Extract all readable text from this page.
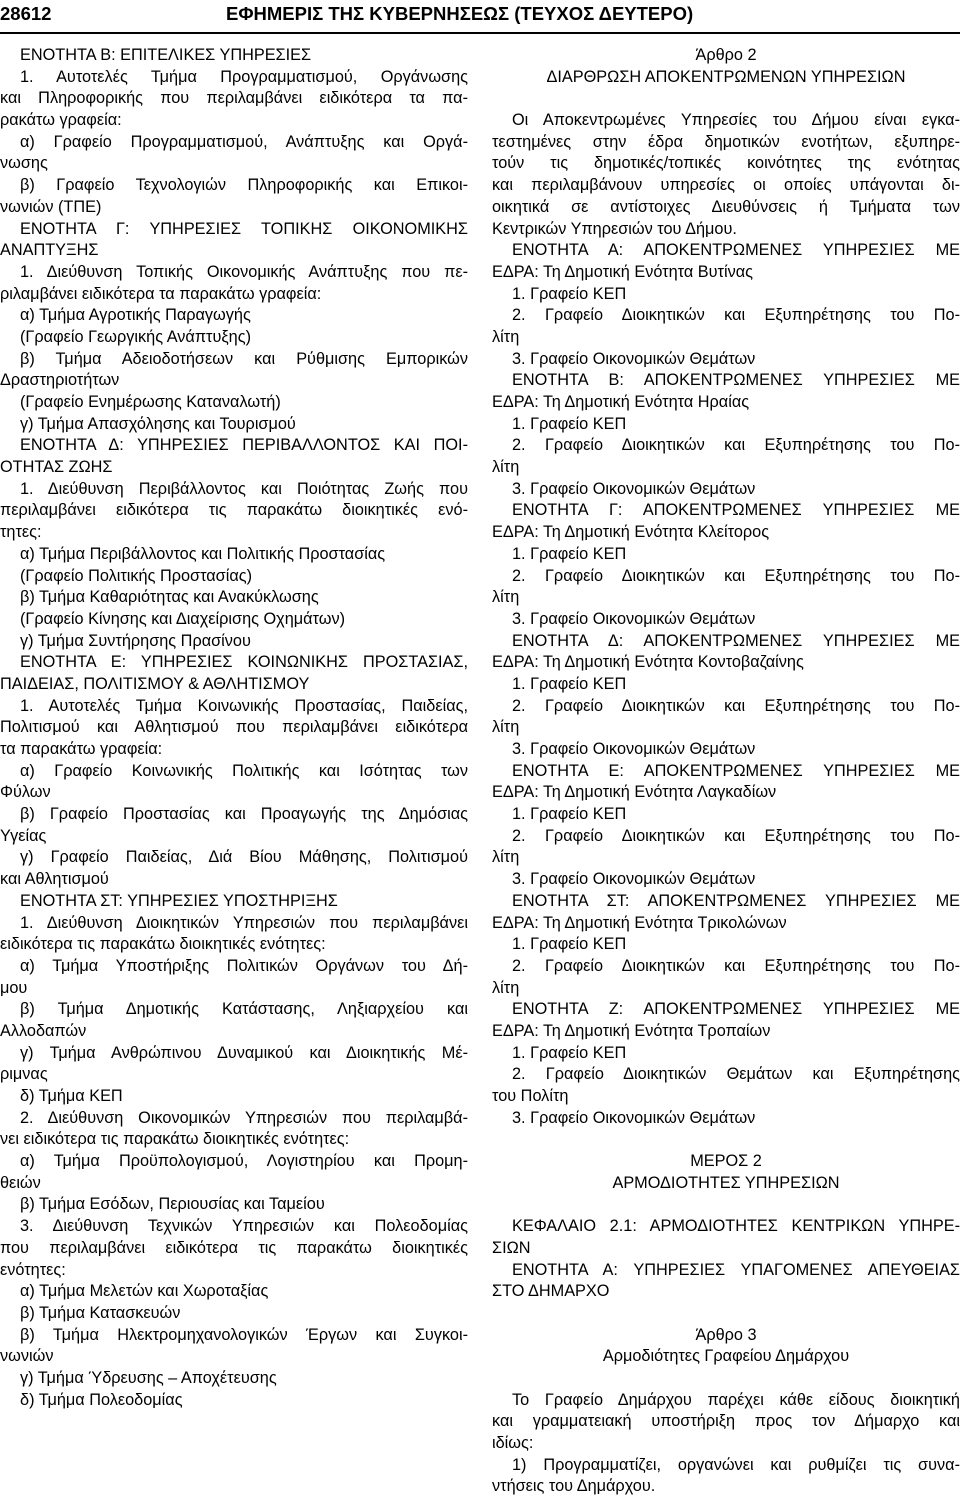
28612	ΕΦΗΜΕΡΙΣ ΤΗΣ ΚΥΒΕΡΝΗΣΕΩΣ (ΤΕΥΧΟΣ ΔΕΥΤΕΡΟ)
ΕΝΟΤΗΤΑ Β: ΕΠΙΤΕΛΙΚΕΣ ΥΠΗΡΕΣΙΕΣ
1. Αυτοτελές Τμήμα Προγραμματισμού, Οργάνωσης
και Πληροφορικής που περιλαμβάνει ειδικότερα τα πα-
ρακάτω γραφεία:
α) Γραφείο Προγραμματισμού, Ανάπτυξης και Οργά-
νωσης
β) Γραφείο Τεχνολογιών Πληροφορικής και Επικοι-
νωνιών (ΤΠΕ)
ΕΝΟΤΗΤΑ Γ: ΥΠΗΡΕΣΙΕΣ ΤΟΠΙΚΗΣ ΟΙΚΟΝΟΜΙΚΗΣ
ΑΝΑΠΤΥΞΗΣ
1. Διεύθυνση Τοπικής Οικονομικής Ανάπτυξης που πε-
ριλαμβάνει ειδικότερα τα παρακάτω γραφεία:
α) Τμήμα Αγροτικής Παραγωγής
(Γραφείο Γεωργικής Ανάπτυξης)
β) Τμήμα Αδειοδοτήσεων και Ρύθμισης Εμπορικών
Δραστηριοτήτων
(Γραφείο Ενημέρωσης Καταναλωτή)
γ) Τμήμα Απασχόλησης και Τουρισμού
ΕΝΟΤΗΤΑ Δ: ΥΠΗΡΕΣΙΕΣ ΠΕΡΙΒΑΛΛΟΝΤΟΣ ΚΑΙ ΠΟΙ-
ΟΤΗΤΑΣ ΖΩΗΣ
1. Διεύθυνση Περιβάλλοντος και Ποιότητας Ζωής που
περιλαμβάνει ειδικότερα τις παρακάτω διοικητικές ενό-
τητες:
α) Τμήμα Περιβάλλοντος και Πολιτικής Προστασίας
(Γραφείο Πολιτικής Προστασίας)
β) Τμήμα Καθαριότητας και Ανακύκλωσης
(Γραφείο Κίνησης και Διαχείρισης Οχημάτων)
γ) Τμήμα Συντήρησης Πρασίνου
ΕΝΟΤΗΤΑ Ε: ΥΠΗΡΕΣΙΕΣ ΚΟΙΝΩΝΙΚΗΣ ΠΡΟΣΤΑΣΙΑΣ,
ΠΑΙΔΕΙΑΣ, ΠΟΛΙΤΙΣΜΟΥ & ΑΘΛΗΤΙΣΜΟΥ
1. Αυτοτελές Τμήμα Κοινωνικής Προστασίας, Παιδείας,
Πολιτισμού και Αθλητισμού που περιλαμβάνει ειδικότερα
τα παρακάτω γραφεία:
α) Γραφείο Κοινωνικής Πολιτικής και Ισότητας των
Φύλων
β) Γραφείο Προστασίας και Προαγωγής της Δημόσιας
Υγείας
γ) Γραφείο Παιδείας, Διά Βίου Μάθησης, Πολιτισμού
και Αθλητισμού
ΕΝΟΤΗΤΑ ΣΤ: ΥΠΗΡΕΣΙΕΣ ΥΠΟΣΤΗΡΙΞΗΣ
1. Διεύθυνση Διοικητικών Υπηρεσιών που περιλαμβάνει
ειδικότερα τις παρακάτω διοικητικές ενότητες:
α) Τμήμα Υποστήριξης Πολιτικών Οργάνων του Δή-
μου
β) Τμήμα Δημοτικής Κατάστασης, Ληξιαρχείου και
Αλλοδαπών
γ) Τμήμα Ανθρώπινου Δυναμικού και Διοικητικής Μέ-
ριμνας
δ) Τμήμα ΚΕΠ
2. Διεύθυνση Οικονομικών Υπηρεσιών που περιλαμβά-
νει ειδικότερα τις παρακάτω διοικητικές ενότητες:
α) Τμήμα Προϋπολογισμού, Λογιστηρίου και Προμη-
θειών
β) Τμήμα Εσόδων, Περιουσίας και Ταμείου
3. Διεύθυνση Τεχνικών Υπηρεσιών και Πολεοδομίας
που περιλαμβάνει ειδικότερα τις παρακάτω διοικητικές
ενότητες:
α) Τμήμα Μελετών και Χωροταξίας
β) Τμήμα Κατασκευών
β) Τμήμα Ηλεκτρομηχανολογικών Έργων και Συγκοι-
νωνιών
γ) Τμήμα Ύδρευσης – Αποχέτευσης
δ) Τμήμα Πολεοδομίας
Άρθρο 2
ΔΙΑΡΘΡΩΣΗ ΑΠΟΚΕΝΤΡΩΜΕΝΩΝ ΥΠΗΡΕΣΙΩΝ
Οι Αποκεντρωμένες Υπηρεσίες του Δήμου είναι εγκα-
τεστημένες στην έδρα δημοτικών ενοτήτων, εξυπηρε-
τούν τις δημοτικές/τοπικές κοινότητες της ενότητας
και περιλαμβάνουν υπηρεσίες οι οποίες υπάγονται δι-
οικητικά σε αντίστοιχες Διευθύνσεις ή Τμήματα των
Κεντρικών Υπηρεσιών του Δήμου.
ΕΝΟΤΗΤΑ Α: ΑΠΟΚΕΝΤΡΩΜΕΝΕΣ ΥΠΗΡΕΣΙΕΣ ΜΕ
ΕΔΡΑ: Τη Δημοτική Ενότητα Βυτίνας
1. Γραφείο ΚΕΠ
2. Γραφείο Διοικητικών και Εξυπηρέτησης του Πο-
λίτη
3. Γραφείο Οικονομικών Θεμάτων
ΕΝΟΤΗΤΑ Β: ΑΠΟΚΕΝΤΡΩΜΕΝΕΣ ΥΠΗΡΕΣΙΕΣ ΜΕ
ΕΔΡΑ: Τη Δημοτική Ενότητα Ηραίας
1. Γραφείο ΚΕΠ
2. Γραφείο Διοικητικών και Εξυπηρέτησης του Πο-
λίτη
3. Γραφείο Οικονομικών Θεμάτων
ΕΝΟΤΗΤΑ Γ: ΑΠΟΚΕΝΤΡΩΜΕΝΕΣ ΥΠΗΡΕΣΙΕΣ ΜΕ
ΕΔΡΑ: Τη Δημοτική Ενότητα Κλείτορος
1. Γραφείο ΚΕΠ
2. Γραφείο Διοικητικών και Εξυπηρέτησης του Πο-
λίτη
3. Γραφείο Οικονομικών Θεμάτων
ΕΝΟΤΗΤΑ Δ: ΑΠΟΚΕΝΤΡΩΜΕΝΕΣ ΥΠΗΡΕΣΙΕΣ ΜΕ
ΕΔΡΑ: Τη Δημοτική Ενότητα Κοντοβαζαίνης
1. Γραφείο ΚΕΠ
2. Γραφείο Διοικητικών και Εξυπηρέτησης του Πο-
λίτη
3. Γραφείο Οικονομικών Θεμάτων
ΕΝΟΤΗΤΑ Ε: ΑΠΟΚΕΝΤΡΩΜΕΝΕΣ ΥΠΗΡΕΣΙΕΣ ΜΕ
ΕΔΡΑ: Τη Δημοτική Ενότητα Λαγκαδίων
1. Γραφείο ΚΕΠ
2. Γραφείο Διοικητικών και Εξυπηρέτησης του Πο-
λίτη
3. Γραφείο Οικονομικών Θεμάτων
ΕΝΟΤΗΤΑ ΣΤ: ΑΠΟΚΕΝΤΡΩΜΕΝΕΣ ΥΠΗΡΕΣΙΕΣ ΜΕ
ΕΔΡΑ: Τη Δημοτική Ενότητα Τρικολώνων
1. Γραφείο ΚΕΠ
2. Γραφείο Διοικητικών και Εξυπηρέτησης του Πο-
λίτη
ΕΝΟΤΗΤΑ Ζ: ΑΠΟΚΕΝΤΡΩΜΕΝΕΣ ΥΠΗΡΕΣΙΕΣ ΜΕ
ΕΔΡΑ: Τη Δημοτική Ενότητα Τροπαίων
1. Γραφείο ΚΕΠ
2. Γραφείο Διοικητικών Θεμάτων και Εξυπηρέτησης
του Πολίτη
3. Γραφείο Οικονομικών Θεμάτων
ΜΕΡΟΣ 2
ΑΡΜΟΔΙΟΤΗΤΕΣ ΥΠΗΡΕΣΙΩΝ
ΚΕΦΑΛΑΙΟ 2.1: ΑΡΜΟΔΙΟΤΗΤΕΣ ΚΕΝΤΡΙΚΩΝ ΥΠΗΡΕ-
ΣΙΩΝ
ΕΝΟΤΗΤΑ Α: ΥΠΗΡΕΣΙΕΣ ΥΠΑΓΟΜΕΝΕΣ ΑΠΕΥΘΕΙΑΣ
ΣΤΟ ΔΗΜΑΡΧΟ
Άρθρο 3
Αρμοδιότητες Γραφείου Δημάρχου
Το Γραφείο Δημάρχου παρέχει κάθε είδους διοικητική
και γραμματειακή υποστήριξη προς τον Δήμαρχο και
ιδίως:
1) Προγραμματίζει, οργανώνει και ρυθμίζει τις συνα-
ντήσεις του Δημάρχου.
